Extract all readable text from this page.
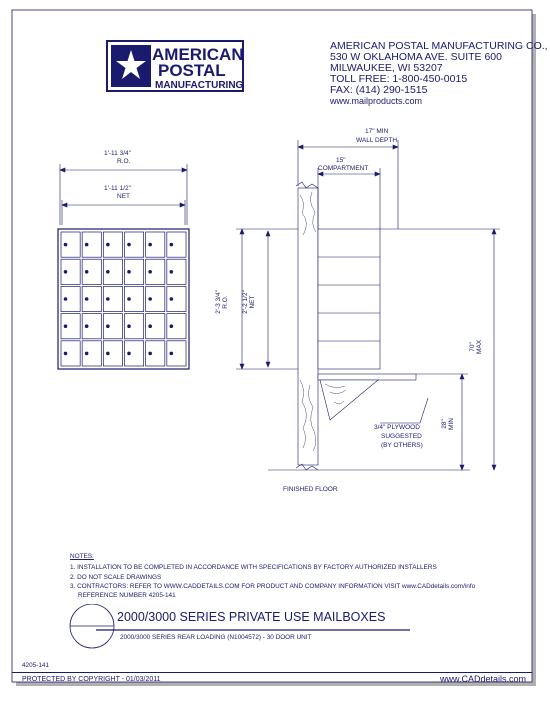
AMERICAN
POSTAL
MANUFACTURING
AMERICAN POSTAL MANUFACTURING CO.,
530 W OKLAHOMA AVE. SUITE 600
MILWAUKEE, WI 53207
TOLL FREE: 1-800-450-0015
FAX: (414) 290-1515
www.mailproducts.com
1'-11 3/4"
R.O.
1'-11 1/2"
NET
2'-3 3/4"
R.O. 2'-2 1/2"
NET
17" MIN
WALL DEPTH
15"
COMPARTMENT
70"
MAX
28"
MIN
3/4" PLYWOOD
SUGGESTED
(BY OTHERS)
FINISHED FLOOR
NOTES:
1. INSTALLATION TO BE COMPLETED IN ACCORDANCE WITH SPECIFICATIONS BY FACTORY AUTHORIZED INSTALLERS
2. DO NOT SCALE DRAWINGS
3. CONTRACTORS: REFER TO WWW.CADDETAILS.COM FOR PRODUCT AND COMPANY INFORMATION VISIT www.CADdetails.com/info
REFERENCE NUMBER 4205-141
2000/3000 SERIES PRIVATE USE MAILBOXES
2000/3000 SERIES REAR LOADING (N1004572) - 30 DOOR UNIT
4205-141
PROTECTED BY COPYRIGHT - 01/03/2011	www.CADdetails.com
